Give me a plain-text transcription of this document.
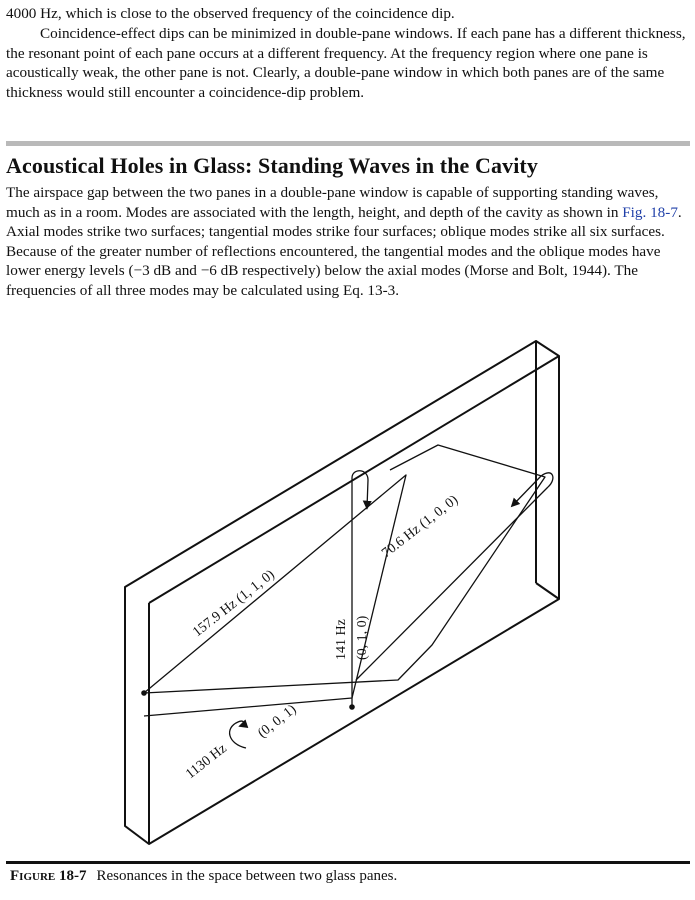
4000 Hz, which is close to the observed frequency of the coincidence dip.

Coincidence-effect dips can be minimized in double-pane windows. If each pane has a different thickness, the resonant point of each pane occurs at a different frequency. At the frequency region where one pane is acoustically weak, the other pane is not. Clearly, a double-pane window in which both panes are of the same thickness would still encounter a coincidence-dip problem.

Acoustical Holes in Glass: Standing Waves in the Cavity

The airspace gap between the two panes in a double-pane window is capable of supporting standing waves, much as in a room. Modes are associated with the length, height, and depth of the cavity as shown in Fig. 18-7. Axial modes strike two surfaces; tangential modes strike four surfaces; oblique modes strike all six surfaces. Because of the greater number of reflections encountered, the tangential modes and the oblique modes have lower energy levels (−3 dB and −6 dB respectively) below the axial modes (Morse and Bolt, 1944). The frequencies of all three modes may be calculated using Eq. 13-3.

157.9 Hz (1, 1, 0)
70.6 Hz (1, 0, 0)
141 Hz (0, 1, 0)
1130 Hz
(0, 0, 1)

Figure 18-7 Resonances in the space between two glass panes.
